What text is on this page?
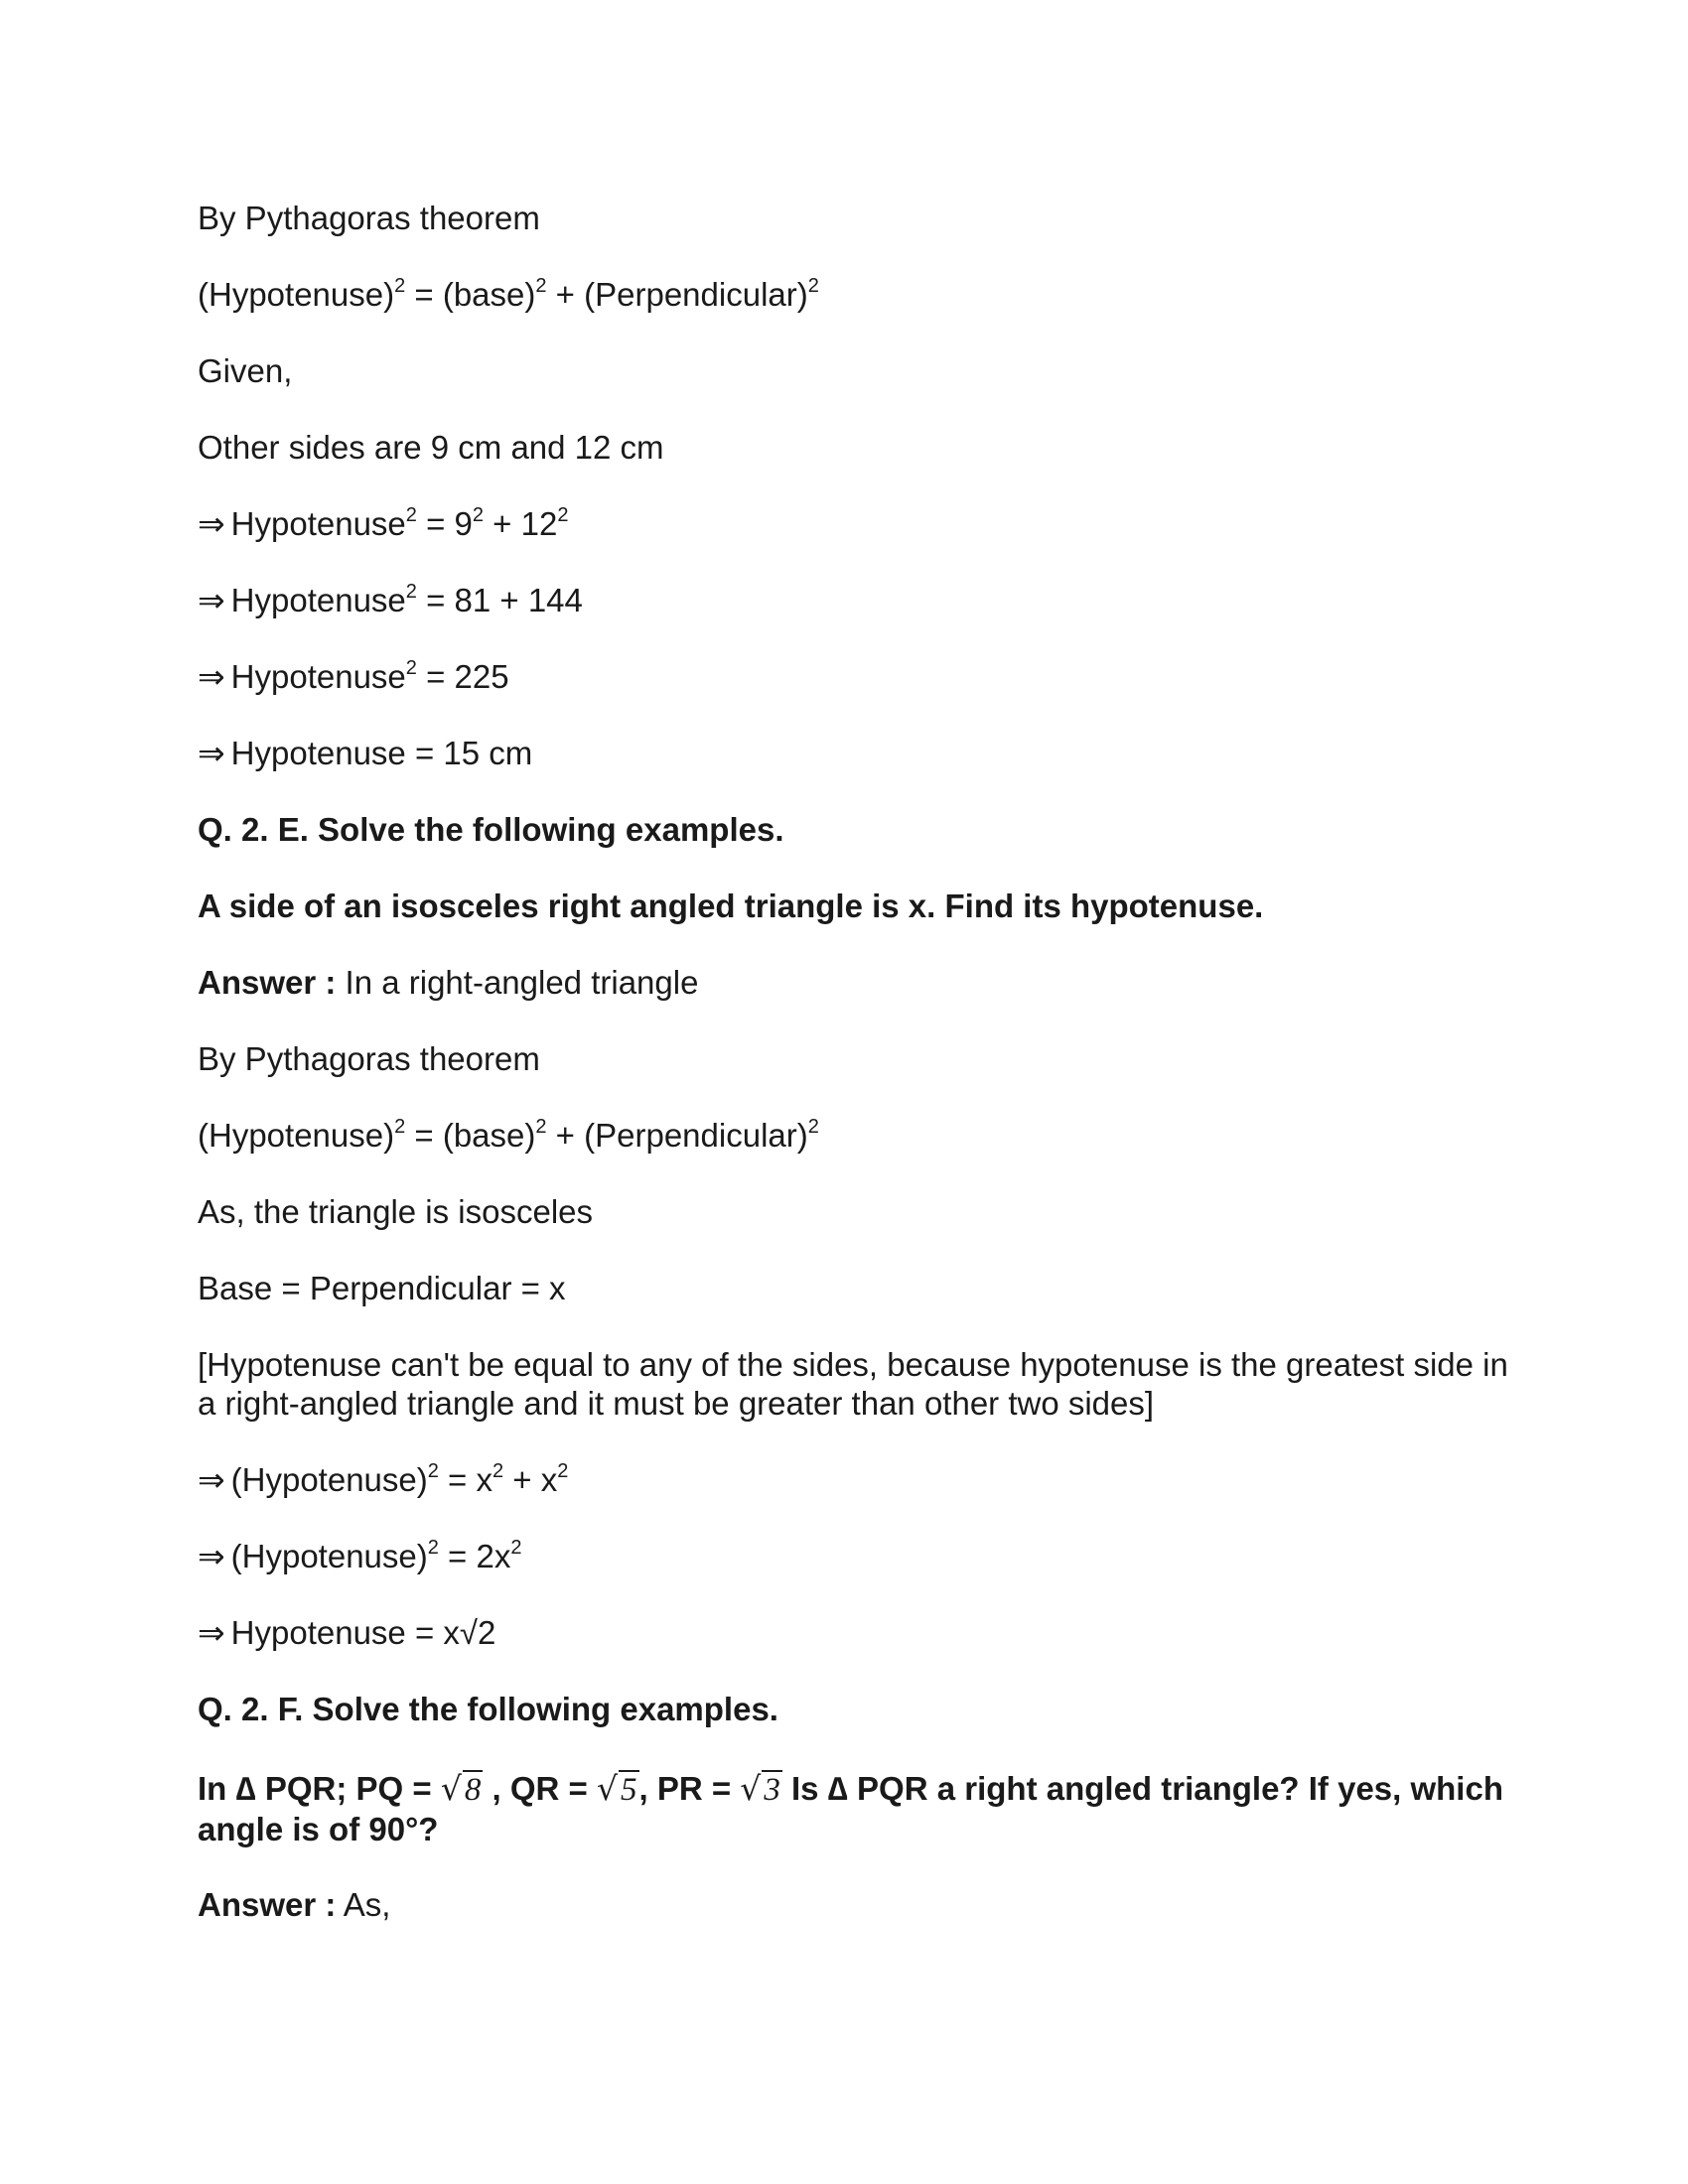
By Pythagoras theorem
(Hypotenuse)$^2$ = (base)$^2$ + (Perpendicular)$^2$
Given,
Other sides are 9 cm and 12 cm
⇒ Hypotenuse$^2$ = $9^2 + 12^2$
⇒ Hypotenuse$^2$ = 81 + 144
⇒ Hypotenuse$^2$ = 225
⇒ Hypotenuse = 15 cm
Q. 2. E. Solve the following examples.
A side of an isosceles right angled triangle is x. Find its hypotenuse.
Answer : In a right-angled triangle
By Pythagoras theorem
(Hypotenuse)$^2$ = (base)$^2$ + (Perpendicular)$^2$
As, the triangle is isosceles
Base = Perpendicular = x
[Hypotenuse can't be equal to any of the sides, because hypotenuse is the greatest side in a right-angled triangle and it must be greater than other two sides]
⇒ (Hypotenuse)$^2$ = $x^2 + x^2$
⇒ (Hypotenuse)$^2$ = $2x^2$
⇒ Hypotenuse = x√2
Q. 2. F. Solve the following examples.
In ∆ PQR; PQ = √8 , QR = √5, PR = √3 Is ∆ PQR a right angled triangle? If yes, which angle is of 90°?
Answer : As,
